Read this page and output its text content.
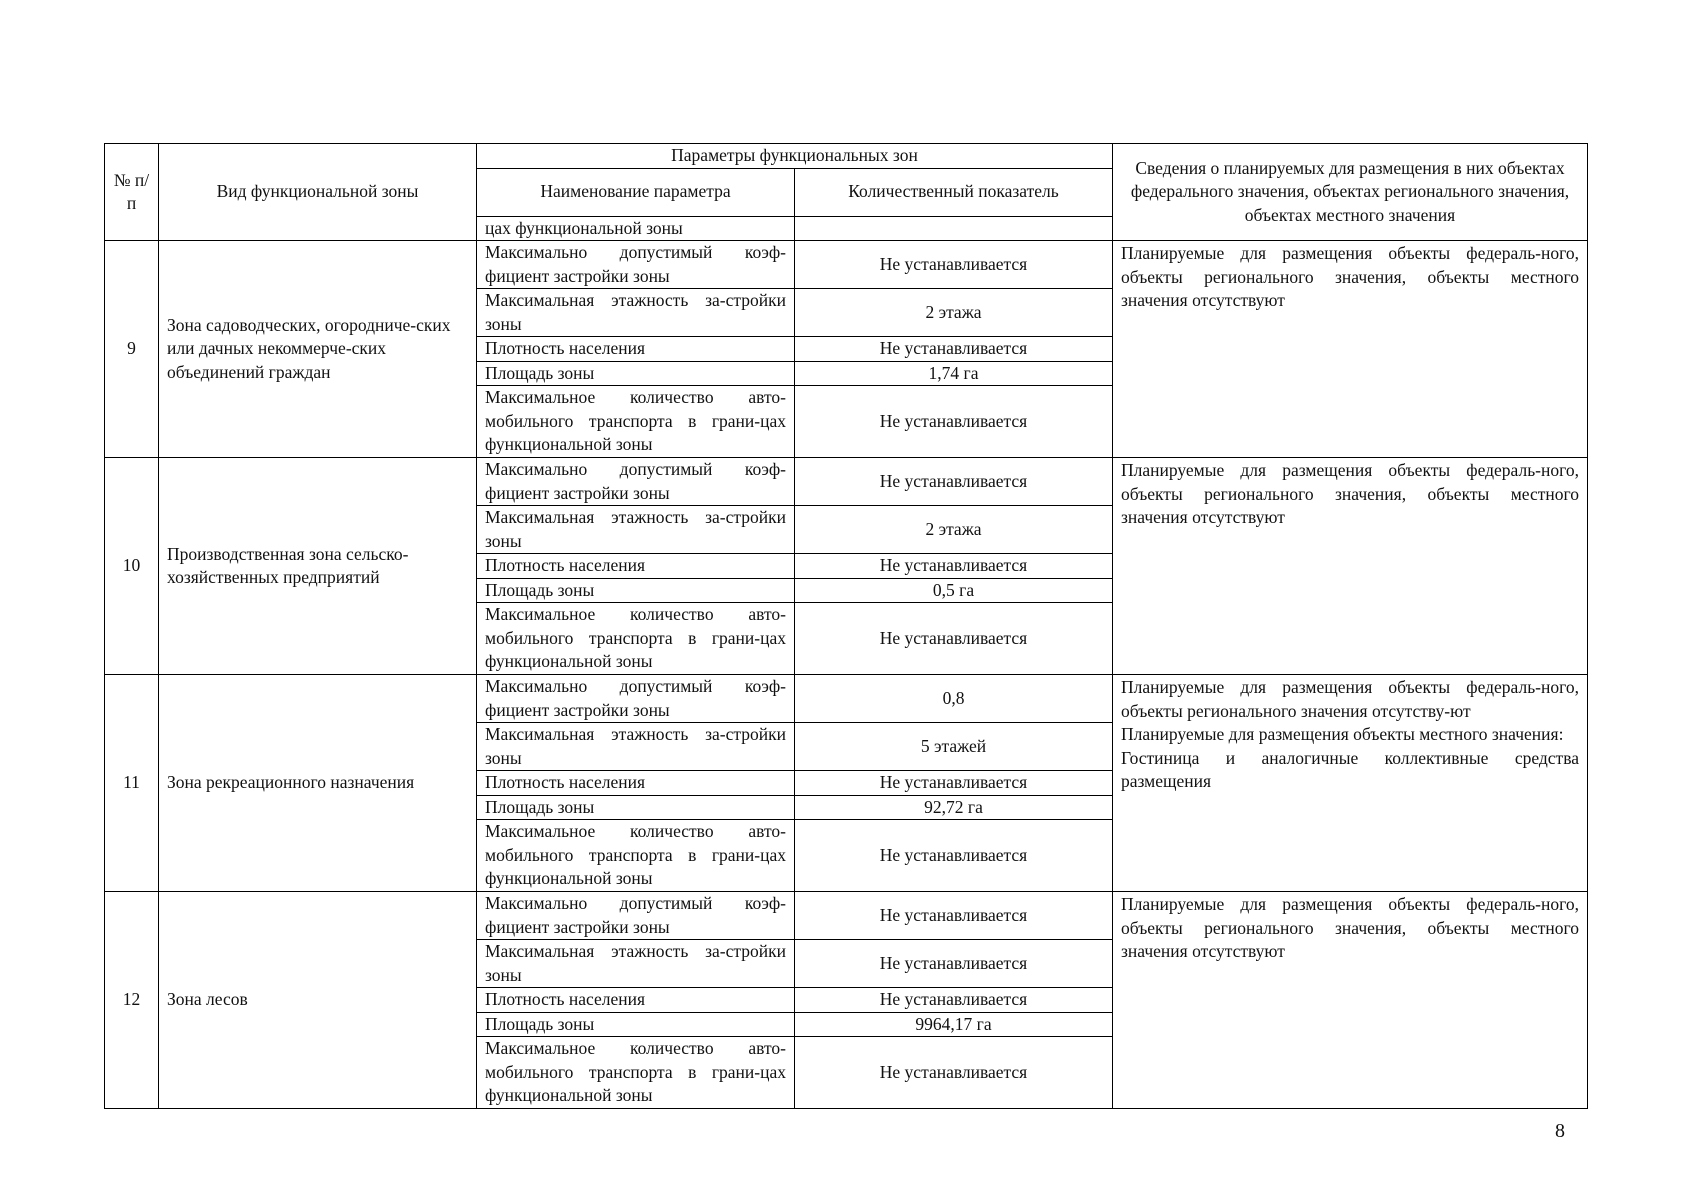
№ п/п	Вид функциональной зоны	Параметры функциональных зон		Сведения о планируемых для размещения в них объектах федерального значения, объектах регионального значения, объектах местного значения
		Наименование параметра	Количественный показатель	
		цах функциональной зоны		
9	Зона садоводческих, огородниче-ских или дачных некоммерче-ских объединений граждан	Максимально допустимый коэф-фициент застройки зоны	Не устанавливается	Планируемые для размещения объекты федераль-ного, объекты регионального значения, объекты местного значения отсутствуют

		Максимальная этажность за-стройки зоны	2 этажа	
		Плотность населения	Не устанавливается	
		Площадь зоны	1,74 га	
		Максимальное количество авто-мобильного транспорта в грани-цах функциональной зоны	Не устанавливается	
10	Производственная зона сельско-хозяйственных предприятий	Максимально допустимый коэф-фициент застройки зоны	Не устанавливается	Планируемые для размещения объекты федераль-ного, объекты регионального значения, объекты местного значения отсутствуют

		Максимальная этажность за-стройки зоны	2 этажа	
		Плотность населения	Не устанавливается	
		Площадь зоны	0,5 га	
		Максимальное количество авто-мобильного транспорта в грани-цах функциональной зоны	Не устанавливается	
11	Зона рекреационного назначения	Максимально допустимый коэф-фициент застройки зоны	0,8	Планируемые для размещения объекты федераль-ного, объекты регионального значения отсутству-ют

Планируемые для размещения объекты местного значения:

Гостиница и аналогичные коллективные средства размещения

		Максимальная этажность за-стройки зоны	5 этажей	
		Плотность населения	Не устанавливается	
		Площадь зоны	92,72 га	
		Максимальное количество авто-мобильного транспорта в грани-цах функциональной зоны	Не устанавливается	
12	Зона лесов	Максимально допустимый коэф-фициент застройки зоны	Не устанавливается	Планируемые для размещения объекты федераль-ного, объекты регионального значения, объекты местного значения отсутствуют

		Максимальная этажность за-стройки зоны	Не устанавливается	
		Плотность населения	Не устанавливается	
		Площадь зоны	9964,17 га	
		Максимальное количество авто-мобильного транспорта в грани-цах функциональной зоны	Не устанавливается	
8
